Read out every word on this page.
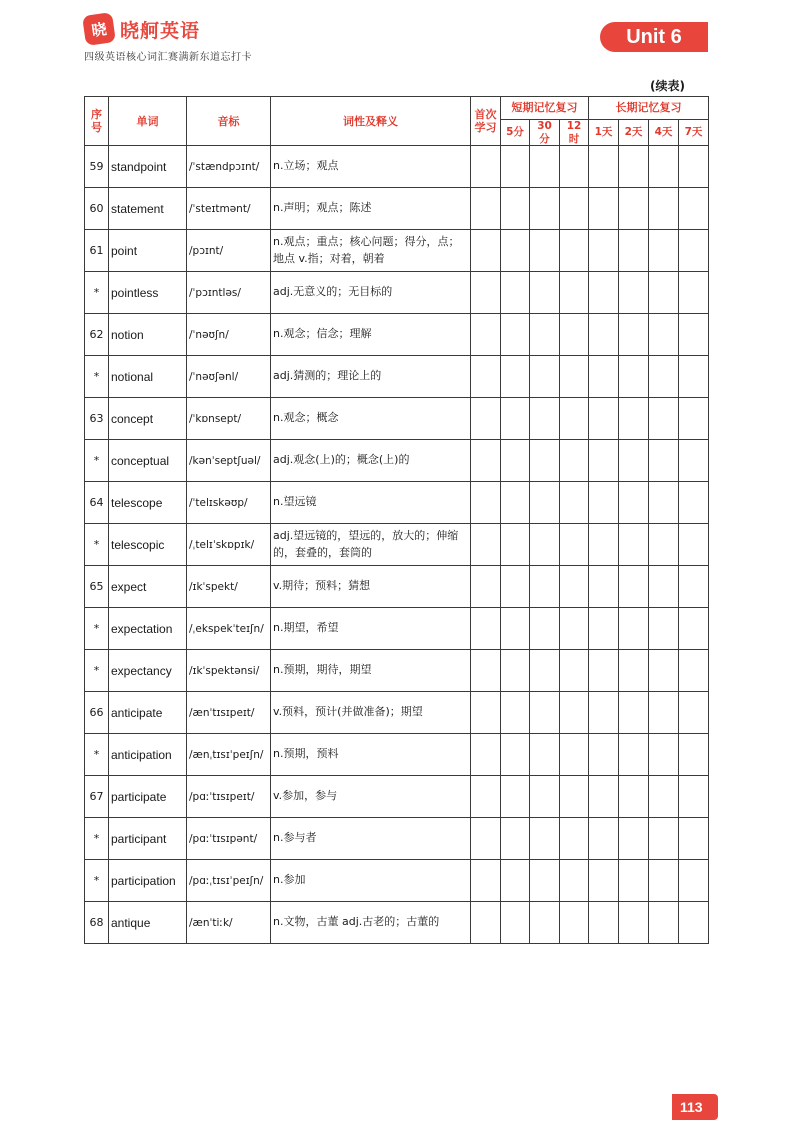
晓 晓舸英语
四级英语核心词汇赛满新东道忘打卡
Unit 6
(续表)
序号	单词	音标	词性及释义	首次学习	短期记忆复习			长期记忆复习			
					5分	30分	12时	1天	2天	4天	7天
59	standpoint	/ˈstændpɔɪnt/	n.立场；观点								
60	statement	/ˈsteɪtmənt/	n.声明；观点；陈述								
61	point	/pɔɪnt/	n.观点；重点；核心问题；得分，点；地点 v.指；对着，朝着								
*	pointless	/ˈpɔɪntləs/	adj.无意义的；无目标的								
62	notion	/ˈnəʊʃn/	n.观念；信念；理解								
*	notional	/ˈnəʊʃənl/	adj.猜测的；理论上的								
63	concept	/ˈkɒnsept/	n.观念；概念								
*	conceptual	/kənˈseptʃuəl/	adj.观念(上)的；概念(上)的								
64	telescope	/ˈtelɪskəʊp/	n.望远镜								
*	telescopic	/ˌtelɪˈskɒpɪk/	adj.望远镜的，望远的，放大的；伸缩的，套叠的，套筒的								
65	expect	/ɪkˈspekt/	v.期待；预料；猜想								
*	expectation	/ˌekspekˈteɪʃn/	n.期望，希望								
*	expectancy	/ɪkˈspektənsi/	n.预期，期待，期望								
66	anticipate	/ænˈtɪsɪpeɪt/	v.预料，预计(并做准备)；期望								
*	anticipation	/ænˌtɪsɪˈpeɪʃn/	n.预期，预料								
67	participate	/pɑːˈtɪsɪpeɪt/	v.参加，参与								
*	participant	/pɑːˈtɪsɪpənt/	n.参与者								
*	participation	/pɑːˌtɪsɪˈpeɪʃn/	n.参加								
68	antique	/ænˈtiːk/	n.文物，古董 adj.古老的；古董的								
113
